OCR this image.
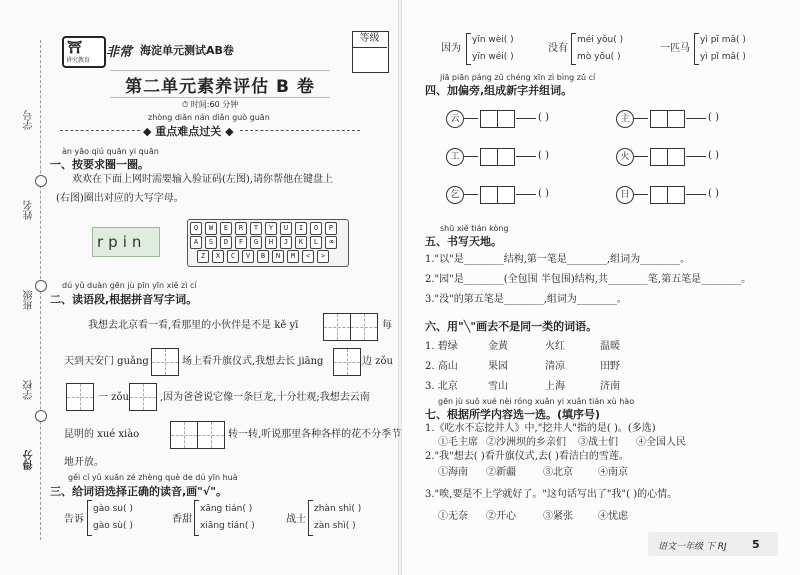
学号
姓名
班级
学校
得分
⛩
讲究教育
非常 海淀单元测试AB卷
等级
第二单元素养评估 B 卷
⏱ 时间:60 分钟
zhòng diǎn nán diǎn guò guān
◆ 重点难点过关 ◆
àn yāo qiú quān yi quān
一、按要求圈一圈。
欢欢在下面上网时需要输入验证码(左图),请你帮他在键盘上
(右图)圈出对应的大写字母。
rpin
Q	W	E	R	T	Y	U	I	O	P
A	S	D	F	G	H	J	K	L	⌫
Z	X	C	V	B	N	M	<	>
dú yǔ duàn gēn jù pīn yīn xiě zì cí
二、读语段,根据拼音写字词。
我想去北京看一看,看那里的小伙伴是不是 kě yī	每
天到天安门 guǎng	场上看升旗仪式,我想去长 jiāng	边 zǒu
一 zǒu	,因为爸爸说它像一条巨龙,十分壮观;我想去云南
昆明的 xué xiào	转一转,听说那里各种各样的花不分季节
地开放。
gěi cí yǔ xuǎn zé zhèng què de dú yīn huà
三、给词语选择正确的读音,画"√"。
告诉
gào su( )
gào sù( )
香甜
xāng tián( )
xiāng tián( )
战士
zhàn shì( )
zàn shì( )
因为
yīn wèi( )
yīn wéi( )
没有
méi yǒu( )
mò yǒu( )
一匹马
yì pī mǎ( )
yì pǐ mǎ( )
jiā piān páng zǔ chéng xīn zì bìng zǔ cí
四、加偏旁,组成新字并组词。
云	( )	主	( )
工	( )	火	( )
乞	( )	日	( )
shū xiě tián kòng
五、书写天地。
1."以"是________结构,第一笔是________,组词为________。
2."园"是________(全包围 半包围)结构,共________笔,第五笔是________。
3."没"的第五笔是________,组词为________。
六、用"╲"画去不是同一类的词语。
1. 碧绿	金黄	火红	温暖
2. 高山	果园	清凉	田野
3. 北京	雪山	上海	济南
gēn jù suǒ xué nèi róng xuǎn yi xuǎn tián xù hào
七、根据所学内容选一选。(填序号)
1.《吃水不忘挖井人》中,"挖井人"指的是( )。(多选)
2."我"想去( )看升旗仪式,去( )看洁白的雪莲。
3."唉,要是不上学就好了。"这句话写出了"我"( )的心情。
①毛主席 ②沙洲坝的乡亲们 ③战士们 ④全国人民
①海南 ②新疆	③北京	④南京
①无奈 ②开心	③紧张	④忧虑
语文一年级 下 RJ 5
